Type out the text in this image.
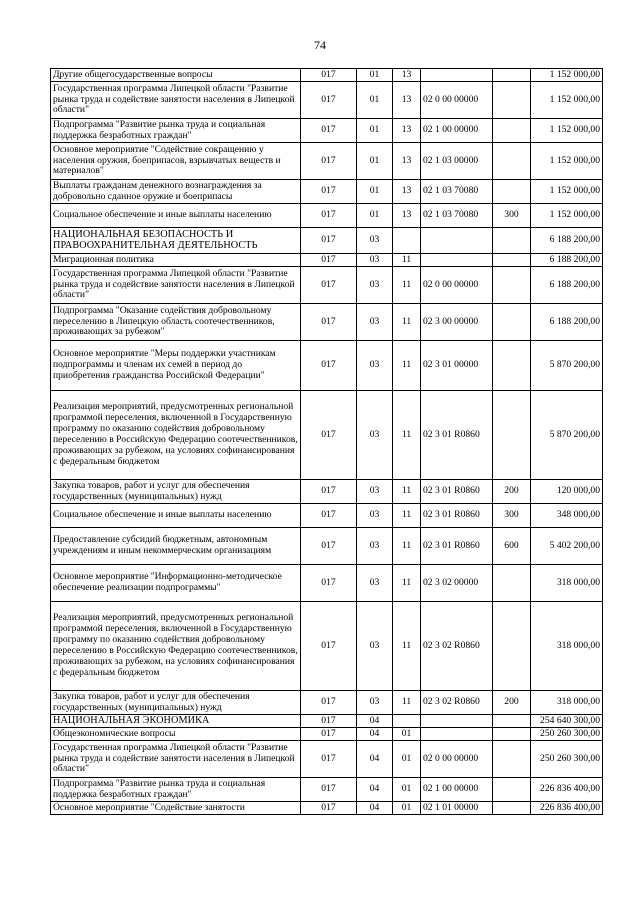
74
Другие общегосударственные вопросы	017	01	13			1 152 000,00
Государственная программа Липецкой области "Развитие рынка труда и содействие занятости населения в Липецкой области"	017	01	13	02 0 00 00000		1 152 000,00
Подпрограмма "Развитие рынка труда и социальная поддержка безработных граждан"	017	01	13	02 1 00 00000		1 152 000,00
Основное мероприятие "Содействие сокращению у населения оружия, боеприпасов, взрывчатых веществ и материалов"	017	01	13	02 1 03 00000		1 152 000,00
Выплаты гражданам денежного вознаграждения за добровольно сданное оружие и боеприпасы	017	01	13	02 1 03 70080		1 152 000,00
Социальное обеспечение и иные выплаты населению	017	01	13	02 1 03 70080	300	1 152 000,00
НАЦИОНАЛЬНАЯ БЕЗОПАСНОСТЬ И ПРАВООХРАНИТЕЛЬНАЯ ДЕЯТЕЛЬНОСТЬ	017	03				6 188 200,00
Миграционная политика	017	03	11			6 188 200,00
Государственная программа Липецкой области "Развитие рынка труда и содействие занятости населения в Липецкой области"	017	03	11	02 0 00 00000		6 188 200,00
Подпрограмма "Оказание содействия добровольному переселению в Липецкую область соотечественников, проживающих за рубежом"	017	03	11	02 3 00 00000		6 188 200,00
Основное мероприятие "Меры поддержки участникам подпрограммы и членам их семей в период до приобретения гражданства Российской Федерации"	017	03	11	02 3 01 00000		5 870 200,00
Реализация мероприятий, предусмотренных региональной программой переселения, включенной в Государственную программу по оказанию содействия добровольному переселению в Российскую Федерацию соотечественников, проживающих за рубежом, на условиях софинансирования с федеральным бюджетом	017	03	11	02 3 01 R0860		5 870 200,00
Закупка товаров, работ и услуг для обеспечения государственных (муниципальных) нужд	017	03	11	02 3 01 R0860	200	120 000,00
Социальное обеспечение и иные выплаты населению	017	03	11	02 3 01 R0860	300	348 000,00
Предоставление субсидий бюджетным, автономным учреждениям и иным некоммерческим организациям	017	03	11	02 3 01 R0860	600	5 402 200,00
Основное мероприятие "Информационно-методическое обеспечение реализации подпрограммы"	017	03	11	02 3 02 00000		318 000,00
Реализация мероприятий, предусмотренных региональной программой переселения, включенной в Государственную программу по оказанию содействия добровольному переселению в Российскую Федерацию соотечественников, проживающих за рубежом, на условиях софинансирования с федеральным бюджетом	017	03	11	02 3 02 R0860		318 000,00
Закупка товаров, работ и услуг для обеспечения государственных (муниципальных) нужд	017	03	11	02 3 02 R0860	200	318 000,00
НАЦИОНАЛЬНАЯ ЭКОНОМИКА	017	04				254 640 300,00
Общеэкономические вопросы	017	04	01			250 260 300,00
Государственная программа Липецкой области "Развитие рынка труда и содействие занятости населения в Липецкой области"	017	04	01	02 0 00 00000		250 260 300,00
Подпрограмма "Развитие рынка труда и социальная поддержка безработных граждан"	017	04	01	02 1 00 00000		226 836 400,00
Основное мероприятие "Содействие занятости	017	04	01	02 1 01 00000		226 836 400,00
